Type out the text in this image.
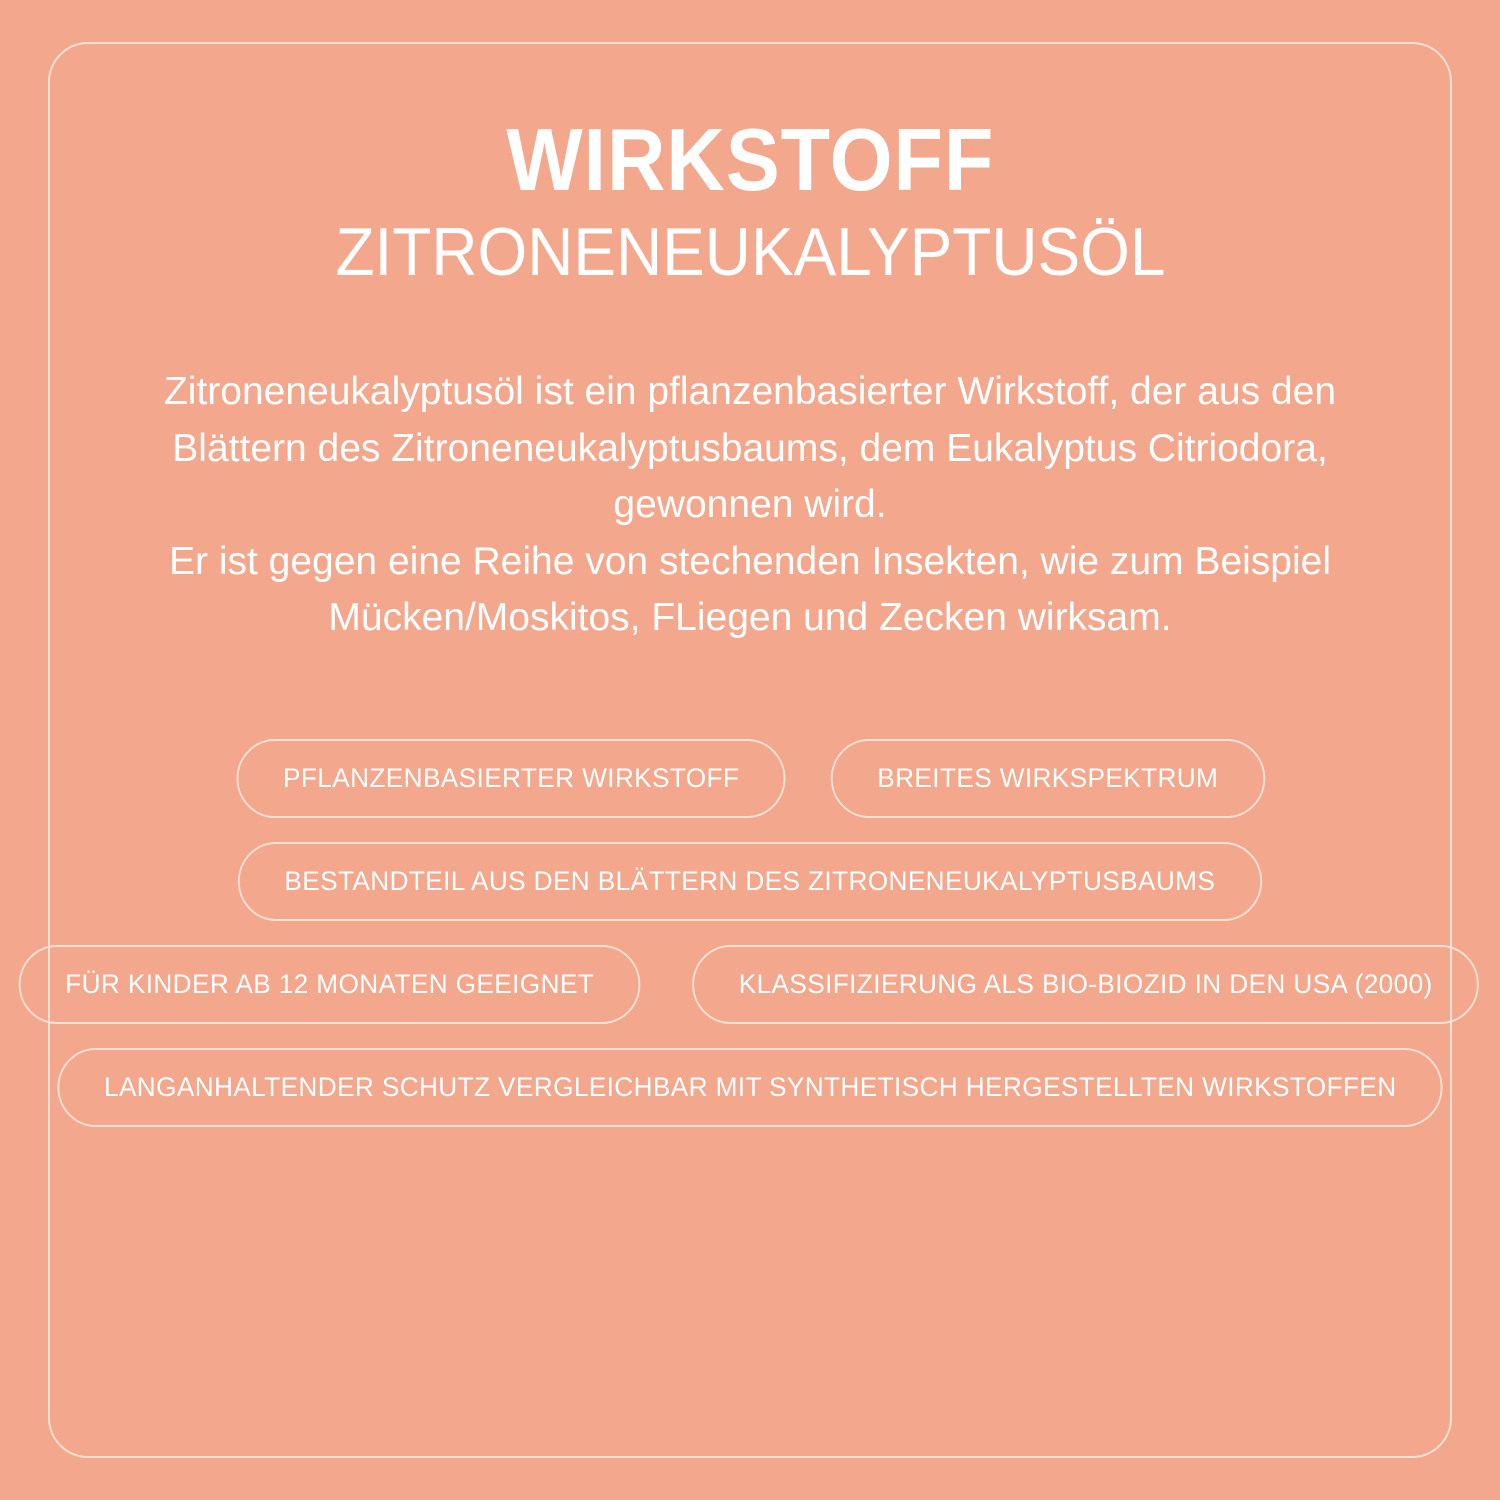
WIRKSTOFF
ZITRONENEUKALYPTUSÖL

Zitroneneukalyptusöl ist ein pflanzenbasierter Wirkstoff, der aus den

Blättern des Zitroneneukalyptusbaums, dem Eukalyptus Citriodora,

gewonnen wird.

Er ist gegen eine Reihe von stechenden Insekten, wie zum Beispiel

Mücken/Moskitos, FLiegen und Zecken wirksam.

PFLANZENBASIERTER WIRKSTOFF	BREITES WIRKSPEKTRUM
BESTANDTEIL AUS DEN BLÄTTERN DES ZITRONENEUKALYPTUSBAUMS
FÜR KINDER AB 12 MONATEN GEEIGNET	KLASSIFIZIERUNG ALS BIO-BIOZID IN DEN USA (2000)
LANGANHALTENDER SCHUTZ VERGLEICHBAR MIT SYNTHETISCH HERGESTELLTEN WIRKSTOFFEN
